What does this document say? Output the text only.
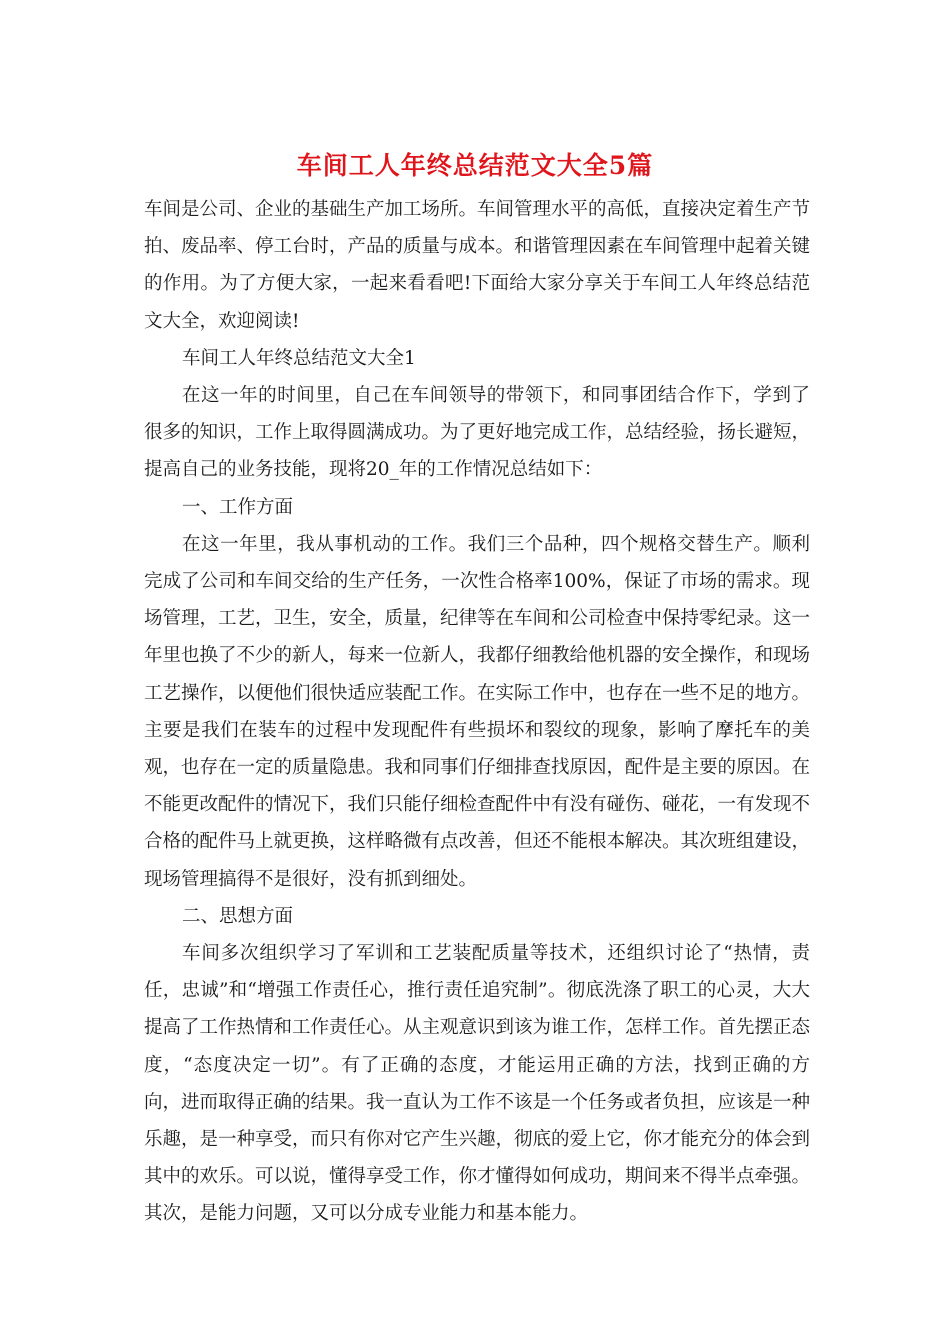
车间工人年终总结范文大全5篇

车间是公司、企业的基础生产加工场所。车间管理水平的高低，直接决定着生产节拍、废品率、停工台时，产品的质量与成本。和谐管理因素在车间管理中起着关键的作用。为了方便大家，一起来看看吧!下面给大家分享关于车间工人年终总结范文大全，欢迎阅读!

车间工人年终总结范文大全1

在这一年的时间里，自己在车间领导的带领下，和同事团结合作下，学到了很多的知识，工作上取得圆满成功。为了更好地完成工作，总结经验，扬长避短，提高自己的业务技能，现将20_年的工作情况总结如下：

一、工作方面

在这一年里，我从事机动的工作。我们三个品种，四个规格交替生产。顺利完成了公司和车间交给的生产任务，一次性合格率100%，保证了市场的需求。现场管理，工艺，卫生，安全，质量，纪律等在车间和公司检查中保持零纪录。这一年里也换了不少的新人，每来一位新人，我都仔细教给他机器的安全操作，和现场工艺操作，以便他们很快适应装配工作。在实际工作中，也存在一些不足的地方。主要是我们在装车的过程中发现配件有些损坏和裂纹的现象，影响了摩托车的美观，也存在一定的质量隐患。我和同事们仔细排查找原因，配件是主要的原因。在不能更改配件的情况下，我们只能仔细检查配件中有没有碰伤、碰花，一有发现不合格的配件马上就更换，这样略微有点改善，但还不能根本解决。其次班组建设，现场管理搞得不是很好，没有抓到细处。

二、思想方面

车间多次组织学习了军训和工艺装配质量等技术，还组织讨论了“热情，责任，忠诚”和“增强工作责任心，推行责任追究制”。彻底洗涤了职工的心灵，大大提高了工作热情和工作责任心。从主观意识到该为谁工作，怎样工作。首先摆正态度，“态度决定一切”。有了正确的态度，才能运用正确的方法，找到正确的方向，进而取得正确的结果。我一直认为工作不该是一个任务或者负担，应该是一种乐趣，是一种享受，而只有你对它产生兴趣，彻底的爱上它，你才能充分的体会到其中的欢乐。可以说，懂得享受工作，你才懂得如何成功，期间来不得半点牵强。其次，是能力问题，又可以分成专业能力和基本能力。
